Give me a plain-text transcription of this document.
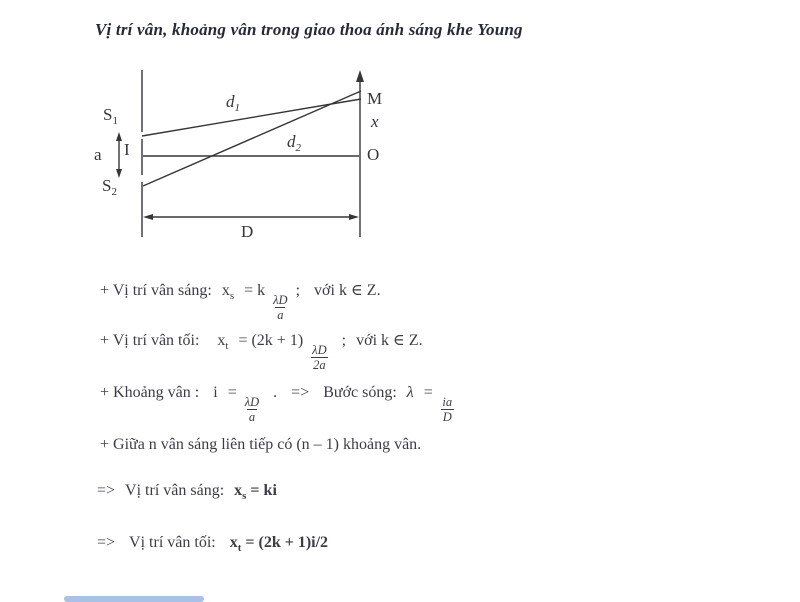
Vị trí vân, khoảng vân trong giao thoa ánh sáng khe Young
$S_1$
I
$S_2$
a
$d_1$
$d_2$
M
x
O
D
+ Vị trí vân sáng: $x_s = k$
$\frac{\lambda D}{a}$
; với k ∈ Z.
+ Vị trí vân tối: $x_t = (2k + 1)$
$\frac{\lambda D}{2a}$
; với k ∈ Z.
+ Khoảng vân : i =
$\frac{\lambda D}{a}$
. => Bước sóng: λ =
$\frac{ia}{D}$
+ Giữa n vân sáng liên tiếp có (n – 1) khoảng vân.
=> Vị trí vân sáng: $x_s$ = ki
=> Vị trí vân tối: $x_t = (2k + 1)i/2$
